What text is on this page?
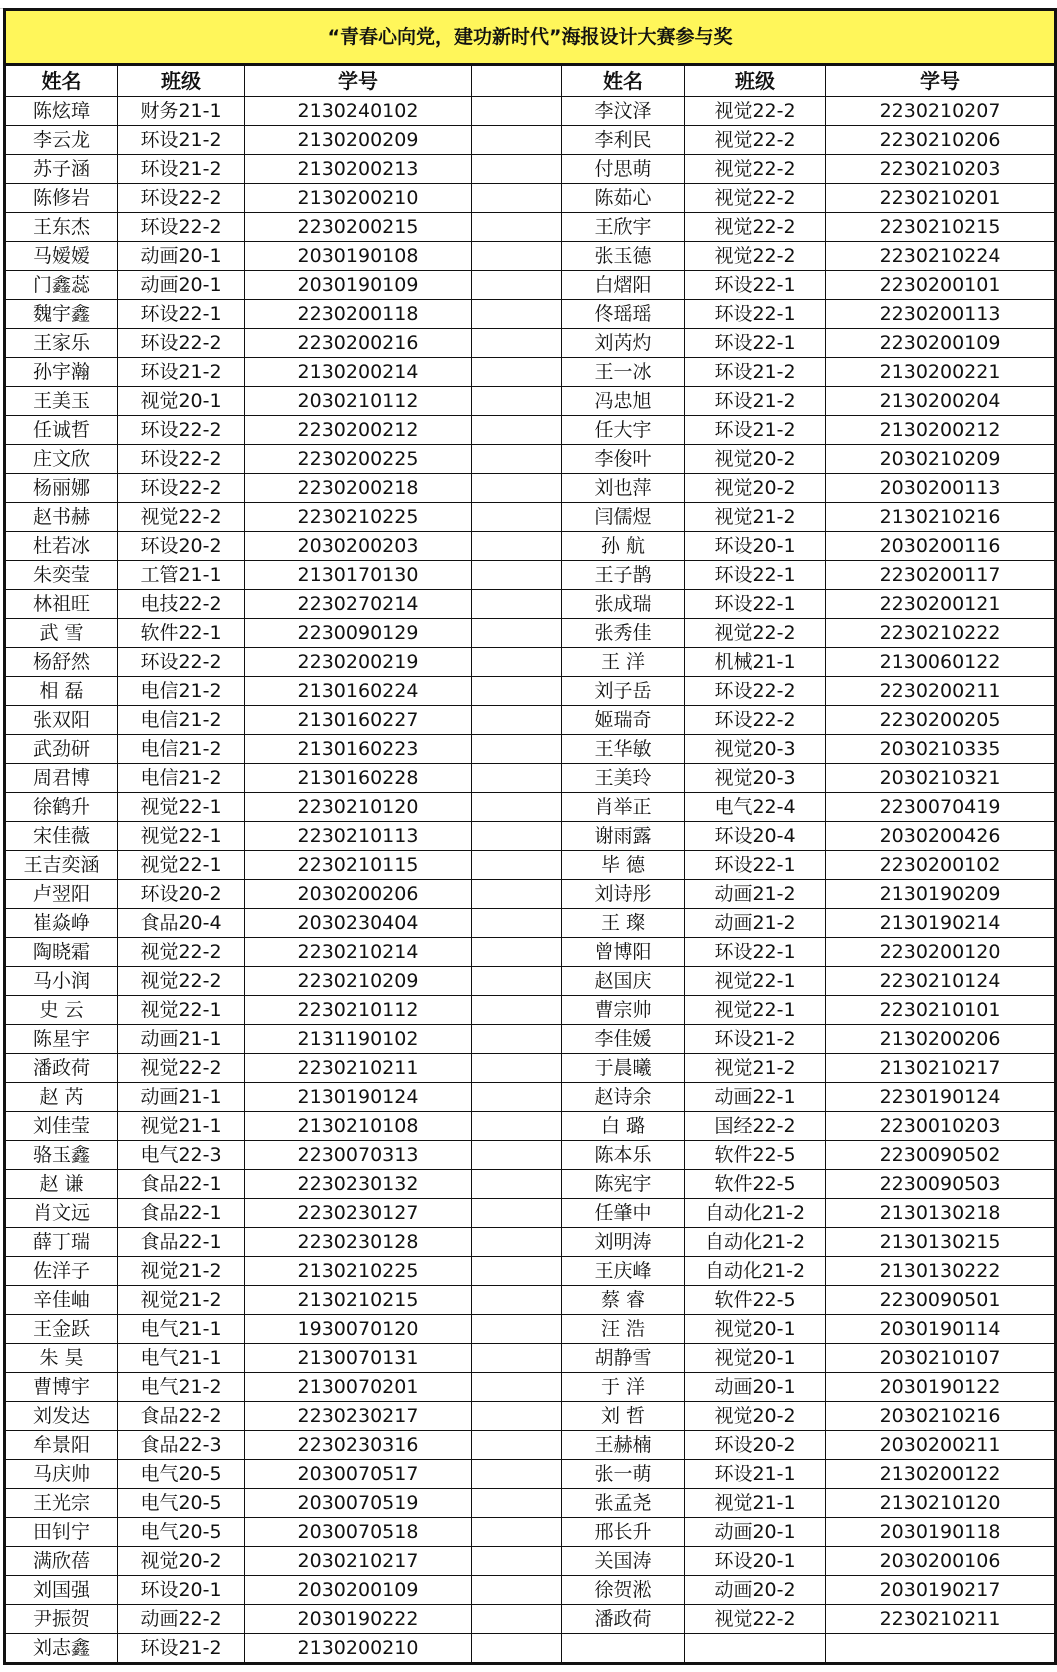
“青春心向党，建功新时代”海报设计大赛参与奖						
姓名	班级	学号		姓名	班级	学号
陈炫璋	财务21-1	2130240102		李汶泽	视觉22-2	2230210207
李云龙	环设21-2	2130200209		李利民	视觉22-2	2230210206
苏子涵	环设21-2	2130200213		付思萌	视觉22-2	2230210203
陈修岩	环设22-2	2130200210		陈茹心	视觉22-2	2230210201
王东杰	环设22-2	2230200215		王欣宇	视觉22-2	2230210215
马嫒嫒	动画20-1	2030190108		张玉德	视觉22-2	2230210224
门鑫蕊	动画20-1	2030190109		白熠阳	环设22-1	2230200101
魏宇鑫	环设22-1	2230200118		佟瑶瑶	环设22-1	2230200113
王家乐	环设22-2	2230200216		刘芮灼	环设22-1	2230200109
孙宇瀚	环设21-2	2130200214		王一冰	环设21-2	2130200221
王美玉	视觉20-1	2030210112		冯忠旭	环设21-2	2130200204
任诚哲	环设22-2	2230200212		任大宇	环设21-2	2130200212
庄文欣	环设22-2	2230200225		李俊叶	视觉20-2	2030210209
杨丽娜	环设22-2	2230200218		刘也萍	视觉20-2	2030200113
赵书赫	视觉22-2	2230210225		闫儒煜	视觉21-2	2130210216
杜若冰	环设20-2	2030200203		孙 航	环设20-1	2030200116
朱奕莹	工管21-1	2130170130		王子鹊	环设22-1	2230200117
林祖旺	电技22-2	2230270214		张成瑞	环设22-1	2230200121
武 雪	软件22-1	2230090129		张秀佳	视觉22-2	2230210222
杨舒然	环设22-2	2230200219		王 洋	机械21-1	2130060122
相 磊	电信21-2	2130160224		刘子岳	环设22-2	2230200211
张双阳	电信21-2	2130160227		姬瑞奇	环设22-2	2230200205
武劲研	电信21-2	2130160223		王华敏	视觉20-3	2030210335
周君博	电信21-2	2130160228		王美玲	视觉20-3	2030210321
徐鹤升	视觉22-1	2230210120		肖举正	电气22-4	2230070419
宋佳薇	视觉22-1	2230210113		谢雨露	环设20-4	2030200426
王吉奕涵	视觉22-1	2230210115		毕 德	环设22-1	2230200102
卢翌阳	环设20-2	2030200206		刘诗彤	动画21-2	2130190209
崔焱峥	食品20-4	2030230404		王 璨	动画21-2	2130190214
陶晓霜	视觉22-2	2230210214		曾博阳	环设22-1	2230200120
马小润	视觉22-2	2230210209		赵国庆	视觉22-1	2230210124
史 云	视觉22-1	2230210112		曹宗帅	视觉22-1	2230210101
陈星宇	动画21-1	2131190102		李佳媛	环设21-2	2130200206
潘政荷	视觉22-2	2230210211		于晨曦	视觉21-2	2130210217
赵 芮	动画21-1	2130190124		赵诗余	动画22-1	2230190124
刘佳莹	视觉21-1	2130210108		白 璐	国经22-2	2230010203
骆玉鑫	电气22-3	2230070313		陈本乐	软件22-5	2230090502
赵 谦	食品22-1	2230230132		陈宪宇	软件22-5	2230090503
肖文远	食品22-1	2230230127		任肇中	自动化21-2	2130130218
薛丁瑞	食品22-1	2230230128		刘明涛	自动化21-2	2130130215
佐洋子	视觉21-2	2130210225		王庆峰	自动化21-2	2130130222
辛佳岫	视觉21-2	2130210215		蔡 睿	软件22-5	2230090501
王金跃	电气21-1	1930070120		汪 浩	视觉20-1	2030190114
朱 昊	电气21-1	2130070131		胡静雪	视觉20-1	2030210107
曹博宇	电气21-2	2130070201		于 洋	动画20-1	2030190122
刘发达	食品22-2	2230230217		刘 哲	视觉20-2	2030210216
牟景阳	食品22-3	2230230316		王赫楠	环设20-2	2030200211
马庆帅	电气20-5	2030070517		张一萌	环设21-1	2130200122
王光宗	电气20-5	2030070519		张孟尧	视觉21-1	2130210120
田钊宁	电气20-5	2030070518		邢长升	动画20-1	2030190118
满欣蓓	视觉20-2	2030210217		关国涛	环设20-1	2030200106
刘国强	环设20-1	2030200109		徐贺淞	动画20-2	2030190217
尹振贺	动画22-2	2030190222		潘政荷	视觉22-2	2230210211
刘志鑫	环设21-2	2130200210				
